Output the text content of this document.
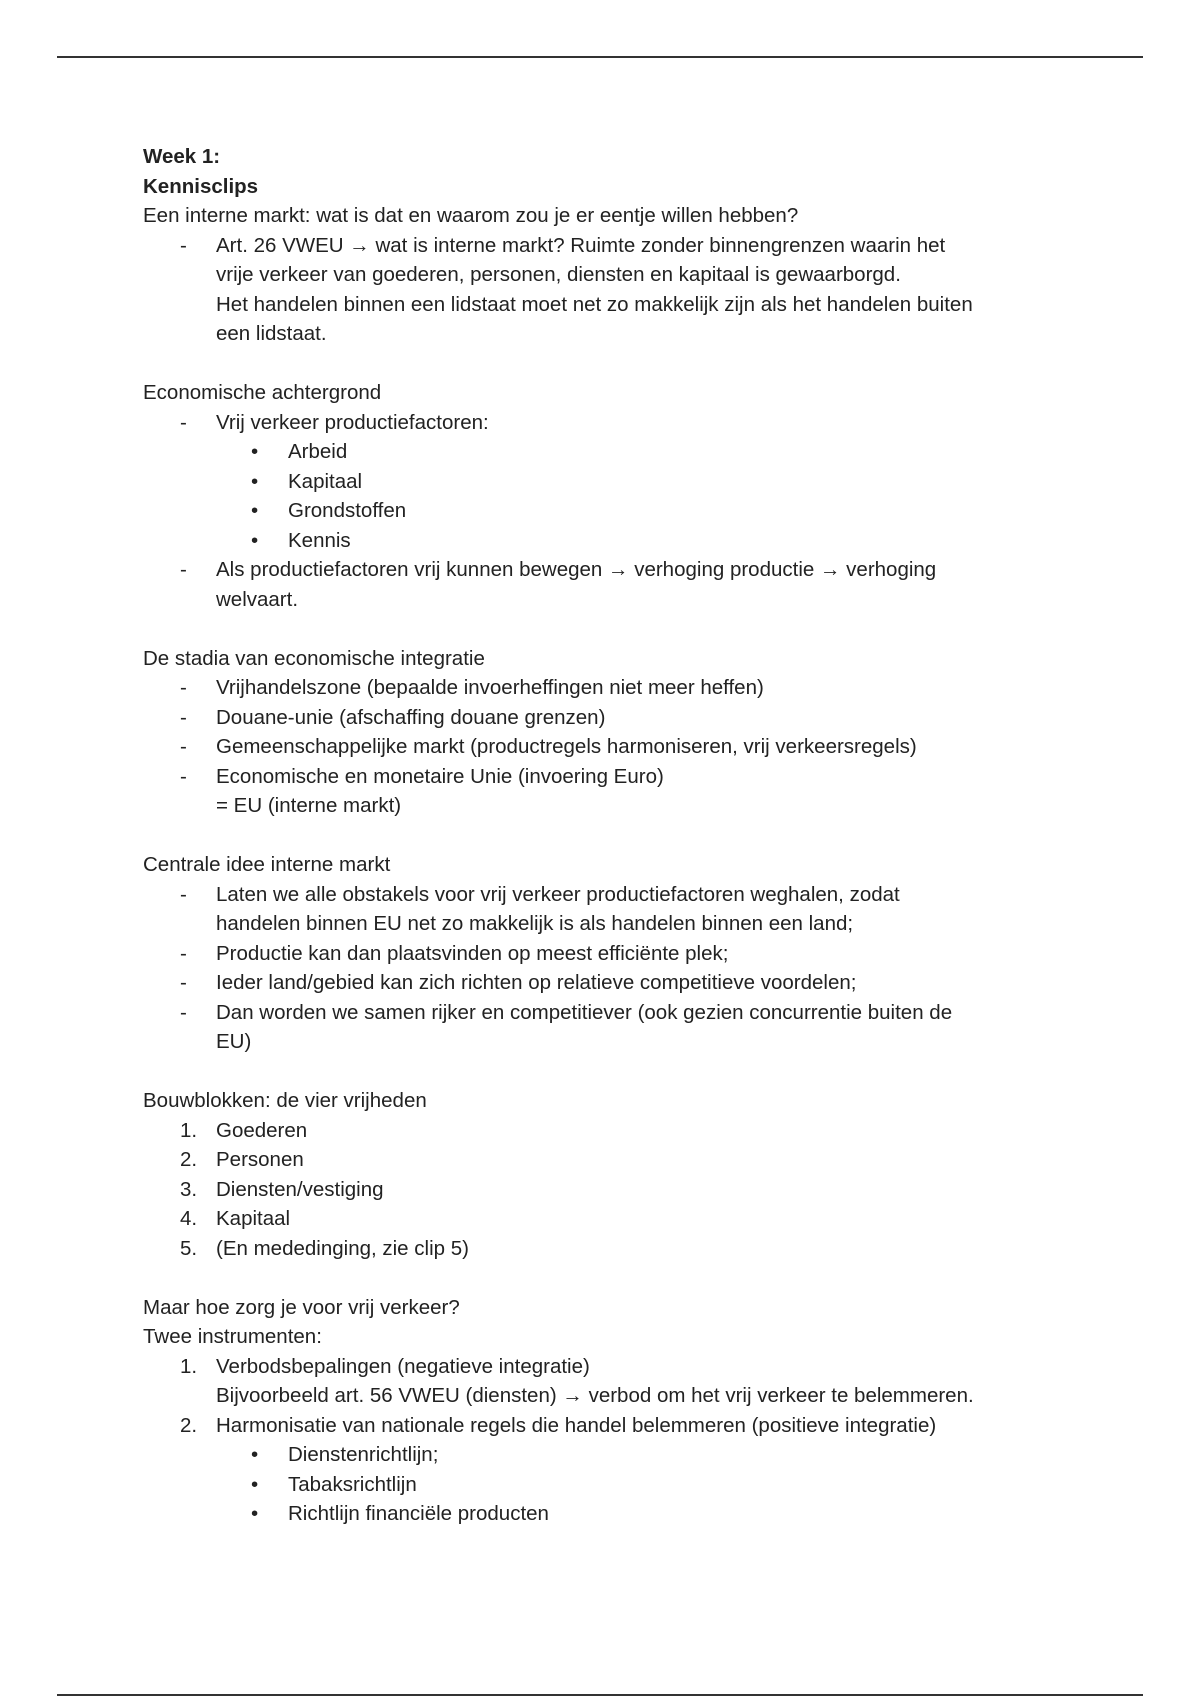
Week 1:
Kennisclips
Een interne markt: wat is dat en waarom zou je er eentje willen hebben?
- Art. 26 VWEU → wat is interne markt? Ruimte zonder binnengrenzen waarin het
vrije verkeer van goederen, personen, diensten en kapitaal is gewaarborgd.
Het handelen binnen een lidstaat moet net zo makkelijk zijn als het handelen buiten
een lidstaat.
Economische achtergrond
- Vrij verkeer productiefactoren:
• Arbeid
• Kapitaal
• Grondstoffen
• Kennis
- Als productiefactoren vrij kunnen bewegen → verhoging productie → verhoging
welvaart.
De stadia van economische integratie
- Vrijhandelszone (bepaalde invoerheffingen niet meer heffen)
- Douane-unie (afschaffing douane grenzen)
- Gemeenschappelijke markt (productregels harmoniseren, vrij verkeersregels)
- Economische en monetaire Unie (invoering Euro)
= EU (interne markt)
Centrale idee interne markt
- Laten we alle obstakels voor vrij verkeer productiefactoren weghalen, zodat
handelen binnen EU net zo makkelijk is als handelen binnen een land;
- Productie kan dan plaatsvinden op meest efficiënte plek;
- Ieder land/gebied kan zich richten op relatieve competitieve voordelen;
- Dan worden we samen rijker en competitiever (ook gezien concurrentie buiten de
EU)
Bouwblokken: de vier vrijheden
1. Goederen
2. Personen
3. Diensten/vestiging
4. Kapitaal
5. (En mededinging, zie clip 5)
Maar hoe zorg je voor vrij verkeer?
Twee instrumenten:
1. Verbodsbepalingen (negatieve integratie)
Bijvoorbeeld art. 56 VWEU (diensten) → verbod om het vrij verkeer te belemmeren.
2. Harmonisatie van nationale regels die handel belemmeren (positieve integratie)
• Dienstenrichtlijn;
• Tabaksrichtlijn
• Richtlijn financiële producten
